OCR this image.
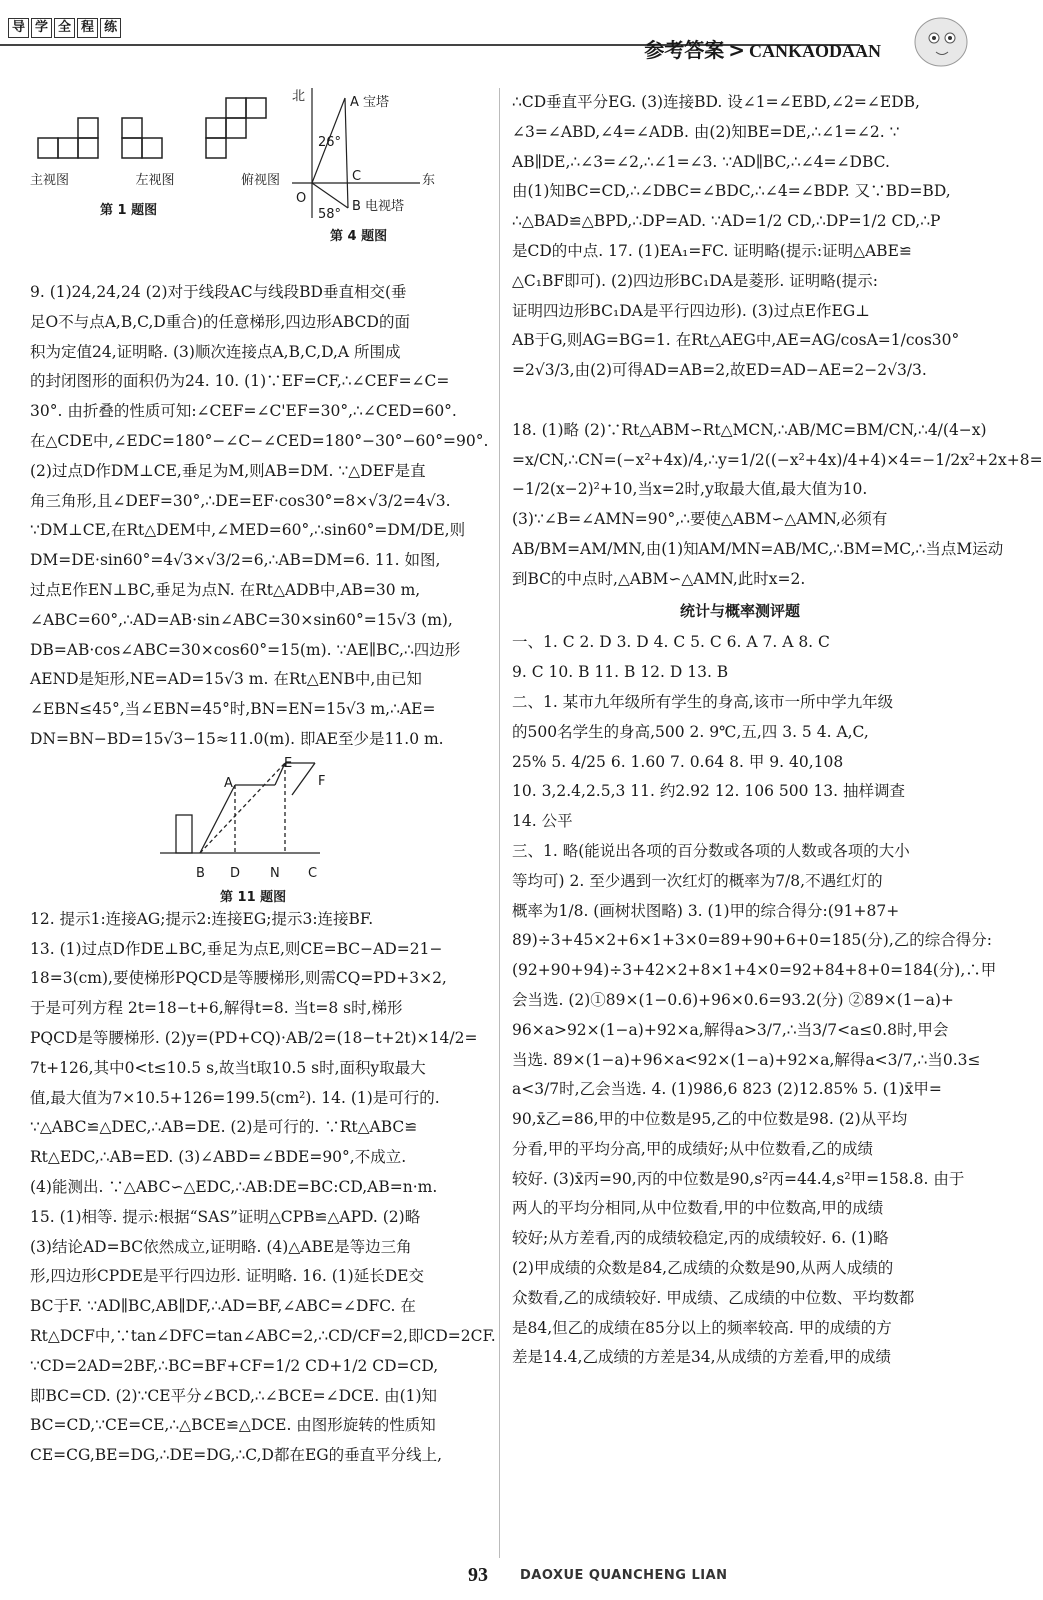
导 学 全 程 练
参考答案 > CANKAODAAN
主视图	左视图	俯视图
第 1 题图
北	A 宝塔
26°
C	东
O
58°
B 电视塔
第 4 题图

9. (1)24,24,24 (2)对于线段AC与线段BD垂直相交(垂

足O不与点A,B,C,D重合)的任意梯形,四边形ABCD的面

积为定值24,证明略. (3)顺次连接点A,B,C,D,A 所围成

的封闭图形的面积仍为24. 10. (1)∵EF=CF,∴∠CEF=∠C=

30°. 由折叠的性质可知:∠CEF=∠C'EF=30°,∴∠CED=60°.

在△CDE中,∠EDC=180°−∠C−∠CED=180°−30°−60°=90°.

(2)过点D作DM⊥CE,垂足为M,则AB=DM. ∵△DEF是直

角三角形,且∠DEF=30°,∴DE=EF·cos30°=8×√3/2=4√3.

∵DM⊥CE,在Rt△DEM中,∠MED=60°,∴sin60°=DM/DE,则

DM=DE·sin60°=4√3×√3/2=6,∴AB=DM=6. 11. 如图,

过点E作EN⊥BC,垂足为点N. 在Rt△ADB中,AB=30 m,

∠ABC=60°,∴AD=AB·sin∠ABC=30×sin60°=15√3 (m),

DB=AB·cos∠ABC=30×cos60°=15(m). ∵AE∥BC,∴四边形

AEND是矩形,NE=AD=15√3 m. 在Rt△ENB中,由已知

∠EBN≤45°,当∠EBN=45°时,BN=EN=15√3 m,∴AE=

DN=BN−BD=15√3−15≈11.0(m). 即AE至少是11.0 m.

A
E
F
B D N C
第 11 题图

12. 提示1:连接AG;提示2:连接EG;提示3:连接BF.

13. (1)过点D作DE⊥BC,垂足为点E,则CE=BC−AD=21−

18=3(cm),要使梯形PQCD是等腰梯形,则需CQ=PD+3×2,

于是可列方程 2t=18−t+6,解得t=8. 当t=8 s时,梯形

PQCD是等腰梯形. (2)y=(PD+CQ)·AB/2=(18−t+2t)×14/2=

7t+126,其中0<t≤10.5 s,故当t取10.5 s时,面积y取最大

值,最大值为7×10.5+126=199.5(cm²). 14. (1)是可行的.

∵△ABC≌△DEC,∴AB=DE. (2)是可行的. ∵Rt△ABC≌

Rt△EDC,∴AB=ED. (3)∠ABD=∠BDE=90°,不成立.

(4)能测出. ∵△ABC∽△EDC,∴AB:DE=BC:CD,AB=n·m.

15. (1)相等. 提示:根据“SAS”证明△CPB≌△APD. (2)略

(3)结论AD=BC依然成立,证明略. (4)△ABE是等边三角

形,四边形CPDE是平行四边形. 证明略. 16. (1)延长DE交

BC于F. ∵AD∥BC,AB∥DF,∴AD=BF,∠ABC=∠DFC. 在

Rt△DCF中,∵tan∠DFC=tan∠ABC=2,∴CD/CF=2,即CD=2CF.

∵CD=2AD=2BF,∴BC=BF+CF=1/2 CD+1/2 CD=CD,

即BC=CD. (2)∵CE平分∠BCD,∴∠BCE=∠DCE. 由(1)知

BC=CD,∵CE=CE,∴△BCE≌△DCE. 由图形旋转的性质知

CE=CG,BE=DG,∴DE=DG,∴C,D都在EG的垂直平分线上,

∴CD垂直平分EG. (3)连接BD. 设∠1=∠EBD,∠2=∠EDB,

∠3=∠ABD,∠4=∠ADB. 由(2)知BE=DE,∴∠1=∠2. ∵

AB∥DE,∴∠3=∠2,∴∠1=∠3. ∵AD∥BC,∴∠4=∠DBC.

由(1)知BC=CD,∴∠DBC=∠BDC,∴∠4=∠BDP. 又∵BD=BD,

∴△BAD≌△BPD,∴DP=AD. ∵AD=1/2 CD,∴DP=1/2 CD,∴P

是CD的中点. 17. (1)EA₁=FC. 证明略(提示:证明△ABE≌

△C₁BF即可). (2)四边形BC₁DA是菱形. 证明略(提示:

证明四边形BC₁DA是平行四边形). (3)过点E作EG⊥

AB于G,则AG=BG=1. 在Rt△AEG中,AE=AG/cosA=1/cos30°

=2√3/3,由(2)可得AD=AB=2,故ED=AD−AE=2−2√3/3.

18. (1)略 (2)∵Rt△ABM∽Rt△MCN,∴AB/MC=BM/CN,∴4/(4−x)

=x/CN,∴CN=(−x²+4x)/4,∴y=1/2((−x²+4x)/4+4)×4=−1/2x²+2x+8=

−1/2(x−2)²+10,当x=2时,y取最大值,最大值为10.

(3)∵∠B=∠AMN=90°,∴要使△ABM∽△AMN,必须有

AB/BM=AM/MN,由(1)知AM/MN=AB/MC,∴BM=MC,∴当点M运动

到BC的中点时,△ABM∽△AMN,此时x=2.

统计与概率测评题

一、1. C 2. D 3. D 4. C 5. C 6. A 7. A 8. C

9. C 10. B 11. B 12. D 13. B

二、1. 某市九年级所有学生的身高,该市一所中学九年级

的500名学生的身高,500 2. 9℃,五,四 3. 5 4. A,C,

25% 5. 4/25 6. 1.60 7. 0.64 8. 甲 9. 40,108

10. 3,2.4,2.5,3 11. 约2.92 12. 106 500 13. 抽样调查

14. 公平

三、1. 略(能说出各项的百分数或各项的人数或各项的大小

等均可) 2. 至少遇到一次红灯的概率为7/8,不遇红灯的

概率为1/8. (画树状图略) 3. (1)甲的综合得分:(91+87+

89)÷3+45×2+6×1+3×0=89+90+6+0=185(分),乙的综合得分:

(92+90+94)÷3+42×2+8×1+4×0=92+84+8+0=184(分),∴甲

会当选. (2)①89×(1−0.6)+96×0.6=93.2(分) ②89×(1−a)+

96×a>92×(1−a)+92×a,解得a>3/7,∴当3/7<a≤0.8时,甲会

当选. 89×(1−a)+96×a<92×(1−a)+92×a,解得a<3/7,∴当0.3≤

a<3/7时,乙会当选. 4. (1)986,6 823 (2)12.85% 5. (1)x̄甲=

90,x̄乙=86,甲的中位数是95,乙的中位数是98. (2)从平均

分看,甲的平均分高,甲的成绩好;从中位数看,乙的成绩

较好. (3)x̄丙=90,丙的中位数是90,s²丙=44.4,s²甲=158.8. 由于

两人的平均分相同,从中位数看,甲的中位数高,甲的成绩

较好;从方差看,丙的成绩较稳定,丙的成绩较好. 6. (1)略

(2)甲成绩的众数是84,乙成绩的众数是90,从两人成绩的

众数看,乙的成绩较好. 甲成绩、乙成绩的中位数、平均数都

是84,但乙的成绩在85分以上的频率较高. 甲的成绩的方

差是14.4,乙成绩的方差是34,从成绩的方差看,甲的成绩

93 DAOXUE QUANCHENG LIAN
